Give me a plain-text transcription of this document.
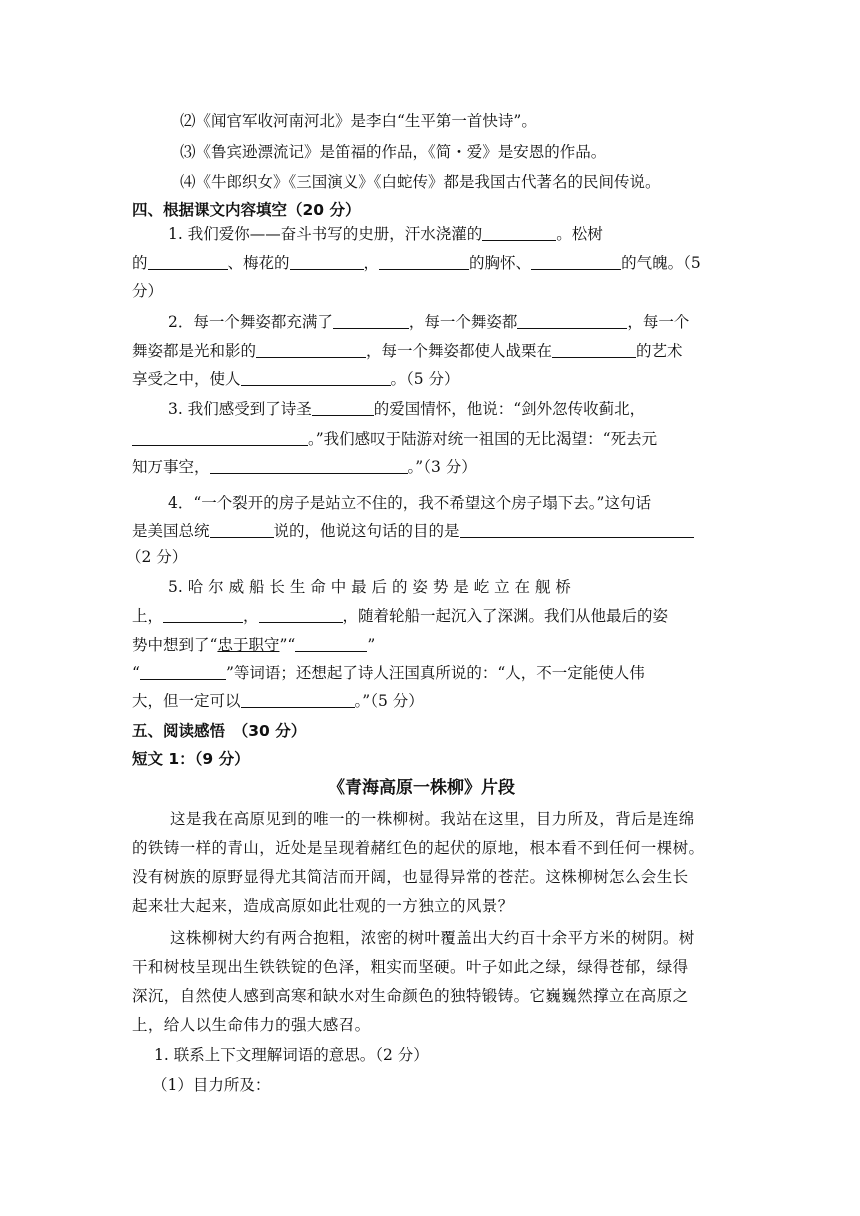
⑵《闻官军收河南河北》是李白“生平第一首快诗”。
⑶《鲁宾逊漂流记》是笛福的作品，《简・爱》是安恩的作品。
⑷《牛郎织女》《三国演义》《白蛇传》都是我国古代著名的民间传说。
四、根据课文内容填空（20 分）
1. 我们爱你——奋斗书写的史册，汗水浇灌的	。松树
的	、梅花的	，	的胸怀、	的气魄。（5
分）
2．每一个舞姿都充满了	，每一个舞姿都	，每一个
舞姿都是光和影的	，每一个舞姿都使人战栗在	的艺术
享受之中，使人	。（5 分）
3. 我们感受到了诗圣	的爱国情怀，他说：“剑外忽传收蓟北，
。”我们感叹于陆游对统一祖国的无比渴望：“死去元
知万事空，	。”（3 分）
4．“一个裂开的房子是站立不住的，我不希望这个房子塌下去。”这句话
是美国总统	说的，他说这句话的目的是
（2 分）
5. 哈 尔 威 船 长 生 命 中 最 后 的 姿 势 是 屹 立 在 舰 桥
上，	，	，随着轮船一起沉入了深渊。我们从他最后的姿
势中想到了“忠于职守”“	”
“	”等词语；还想起了诗人汪国真所说的：“人，不一定能使人伟
大，但一定可以	。”（5 分）
五、阅读感悟　（30 分）
短文 1：（9 分）
《青海高原一株柳》片段
这是我在高原见到的唯一的一株柳树。我站在这里，目力所及，背后是连绵
的铁铸一样的青山，近处是呈现着赭红色的起伏的原地，根本看不到任何一棵树。
没有树族的原野显得尤其简洁而开阔，也显得异常的苍茫。这株柳树怎么会生长
起来壮大起来，造成高原如此壮观的一方独立的风景？
这株柳树大约有两合抱粗，浓密的树叶覆盖出大约百十余平方米的树阴。树
干和树枝呈现出生铁铁锭的色泽，粗实而坚硬。叶子如此之绿，绿得苍郁，绿得
深沉，自然使人感到高寒和缺水对生命颜色的独特锻铸。它巍巍然撑立在高原之
上，给人以生命伟力的强大感召。
1. 联系上下文理解词语的意思。（2 分）
（1）目力所及：
